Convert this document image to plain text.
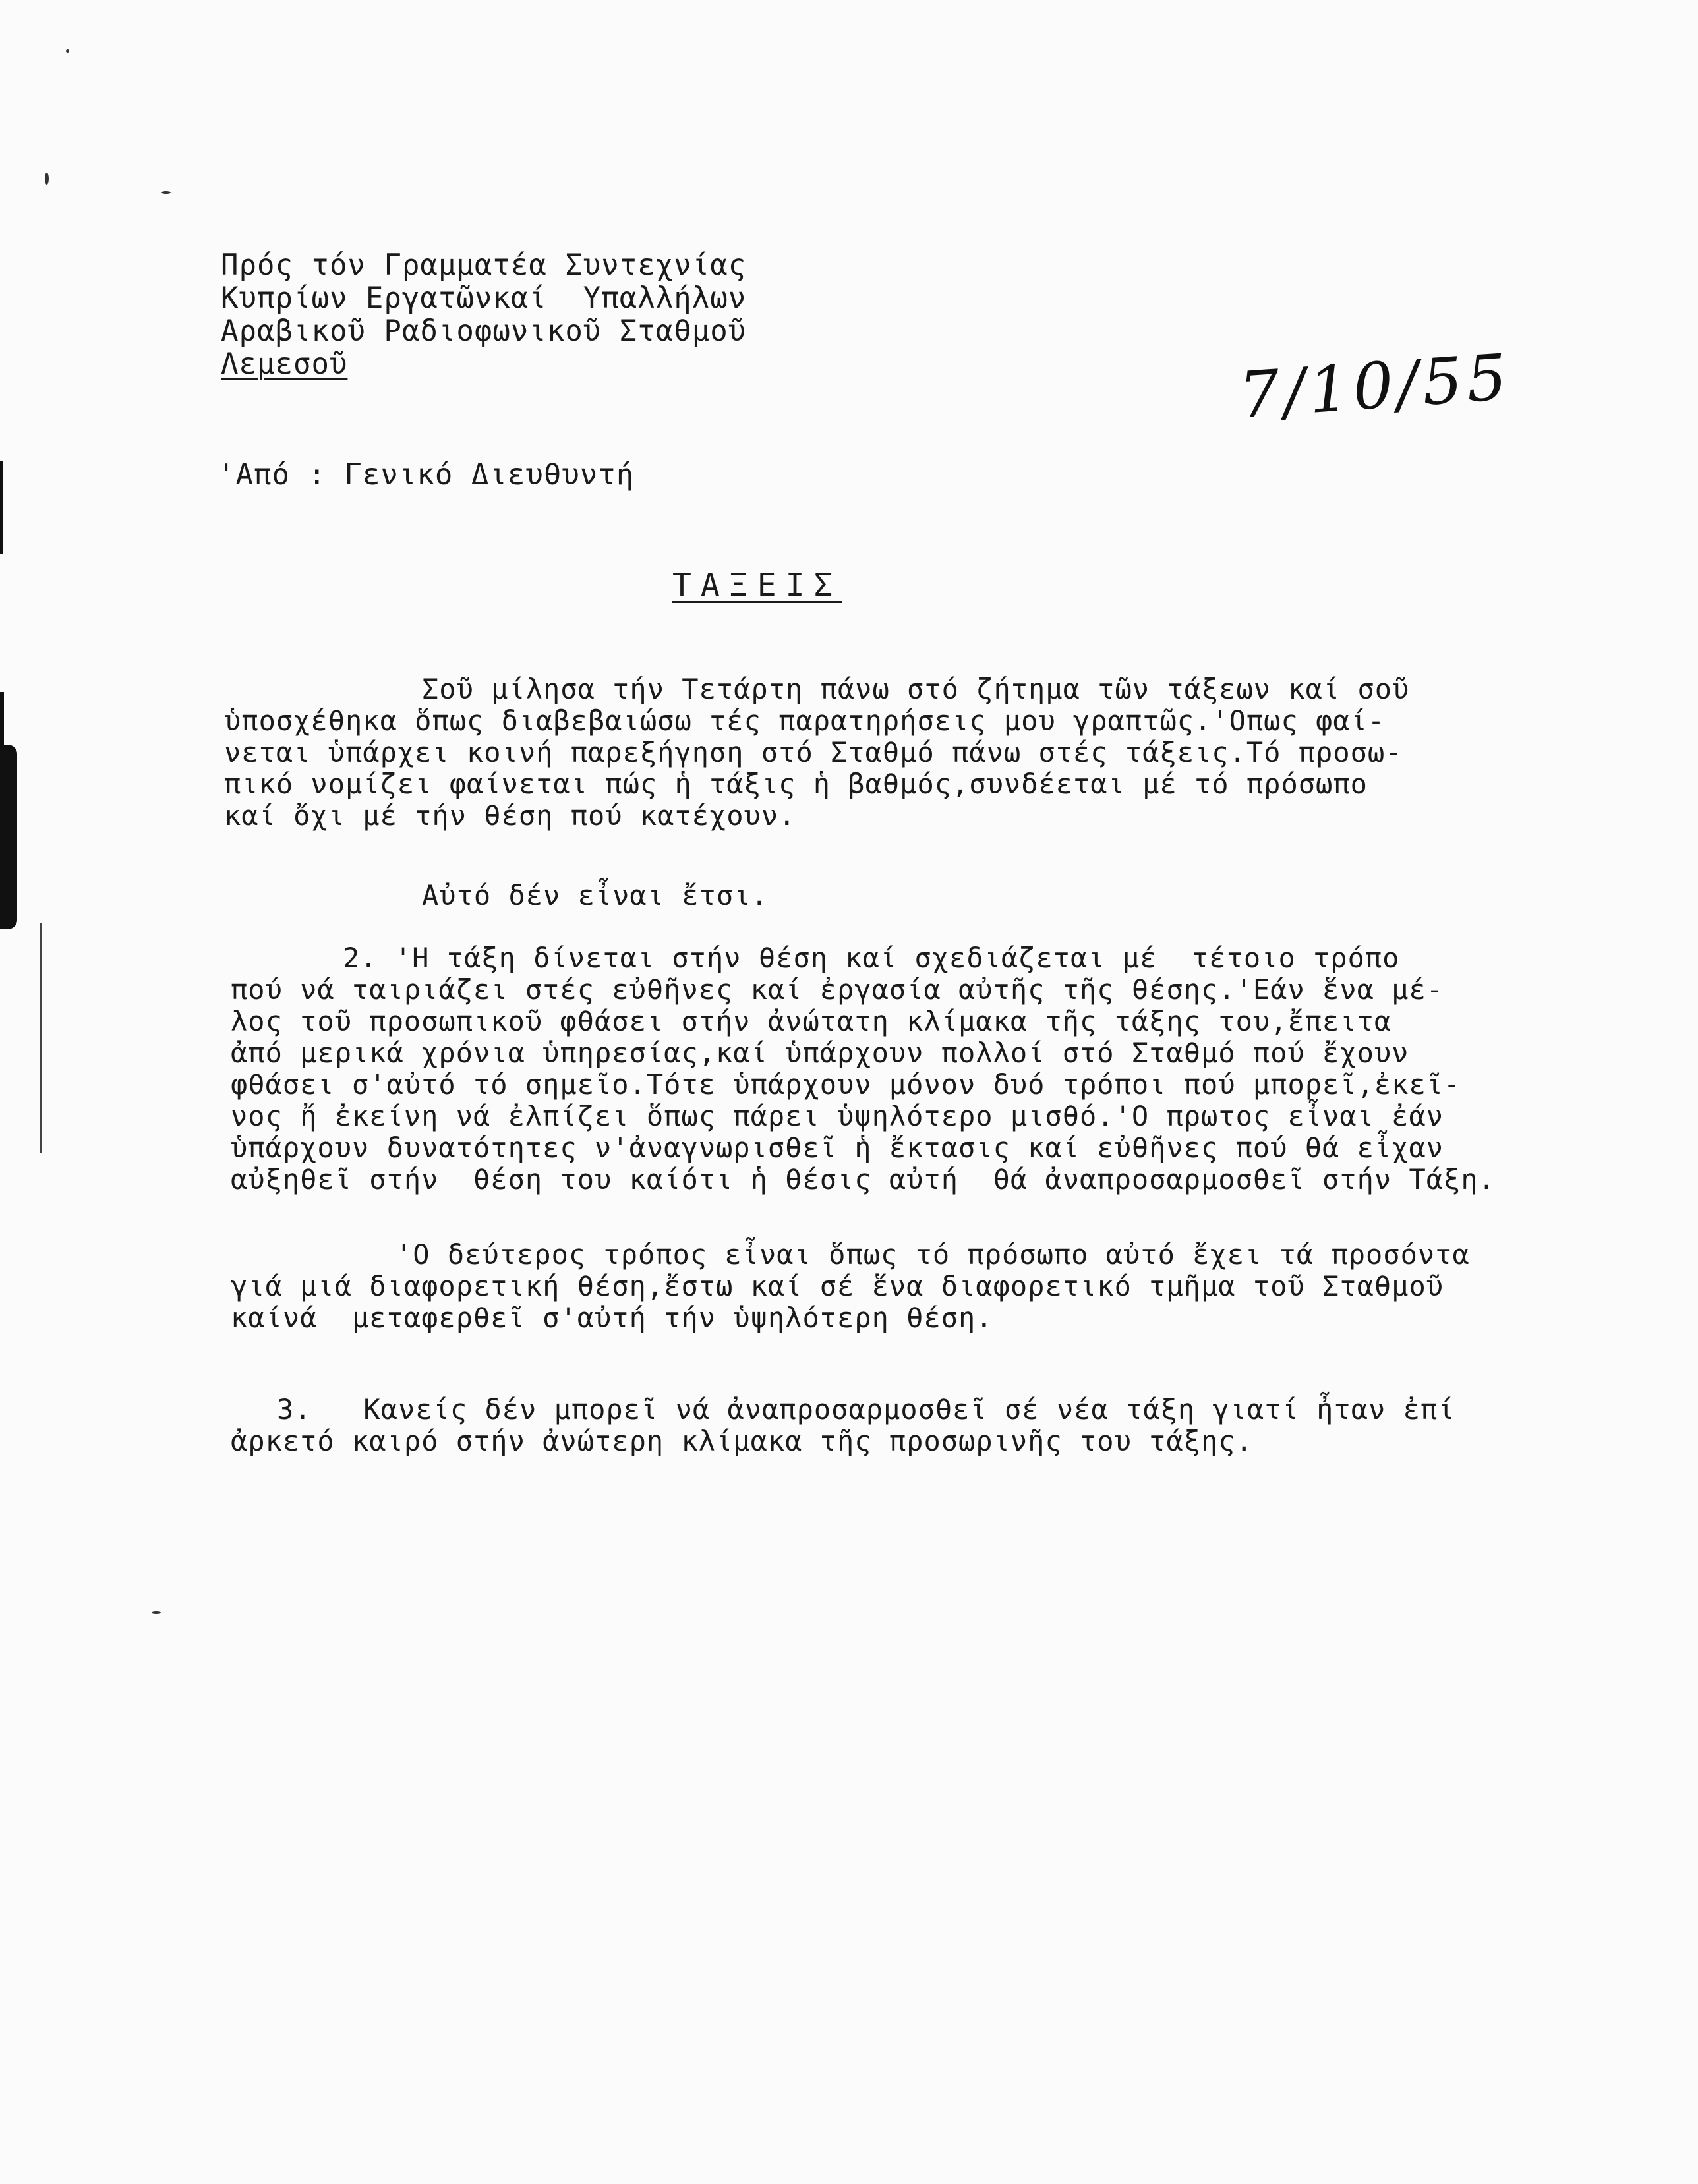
Πρός τόν Γραμματέα Συντεχνίας
Κυπρίων Εργατῶνκαί  Υπαλλήλων
Αραβικοῦ Ραδιοφωνικοῦ Σταθμοῦ
Λεμεσοῦ	7/10/55
'Από : Γενικό Διευθυντή
ΤΑΞΕΙΣ
Σοῦ μίλησα τήν Τετάρτη πάνω στό ζήτημα τῶν τάξεων καί σοῦ
ὑποσχέθηκα ὅπως διαβεβαιώσω τές παρατηρήσεις μου γραπτῶς.'Οπως φαί-
νεται ὑπάρχει κοινή παρεξήγηση στό Σταθμό πάνω στές τάξεις.Τό προσω-
πικό νομίζει φαίνεται πώς ἡ τάξις ἡ βαθμός,συνδέεται μέ τό πρόσωπο
καί ὄχι μέ τήν θέση πού κατέχουν.
Αὐτό δέν εἶναι ἔτσι.
2. 'Η τάξη δίνεται στήν θέση καί σχεδιάζεται μέ  τέτοιο τρόπο
πού νά ταιριάζει στές εὐθῆνες καί ἐργασία αὐτῆς τῆς θέσης.'Εάν ἕνα μέ-
λος τοῦ προσωπικοῦ φθάσει στήν ἀνώτατη κλίμακα τῆς τάξης του,ἔπειτα
ἀπό μερικά χρόνια ὑπηρεσίας,καί ὑπάρχουν πολλοί στό Σταθμό πού ἔχουν
φθάσει σ'αὐτό τό σημεῖο.Τότε ὑπάρχουν μόνον δυό τρόποι πού μπορεῖ,ἐκεῖ-
νος ἤ ἐκείνη νά ἐλπίζει ὅπως πάρει ὑψηλότερο μισθό.'Ο πρωτος εἶναι ἐάν
ὑπάρχουν δυνατότητες ν'ἀναγνωρισθεῖ ἡ ἔκτασις καί εὐθῆνες πού θά εἶχαν
αὐξηθεῖ στήν  θέση του καίότι ἡ θέσις αὐτή  θά ἀναπροσαρμοσθεῖ στήν Τάξη.
'Ο δεύτερος τρόπος εἶναι ὅπως τό πρόσωπο αὐτό ἔχει τά προσόντα
γιά μιά διαφορετική θέση,ἔστω καί σέ ἕνα διαφορετικό τμῆμα τοῦ Σταθμοῦ
καίνά  μεταφερθεῖ σ'αὐτή τήν ὑψηλότερη θέση.
3.   Κανείς δέν μπορεῖ νά ἀναπροσαρμοσθεῖ σέ νέα τάξη γιατί ἦταν ἐπί
ἀρκετό καιρό στήν ἀνώτερη κλίμακα τῆς προσωρινῆς του τάξης.
